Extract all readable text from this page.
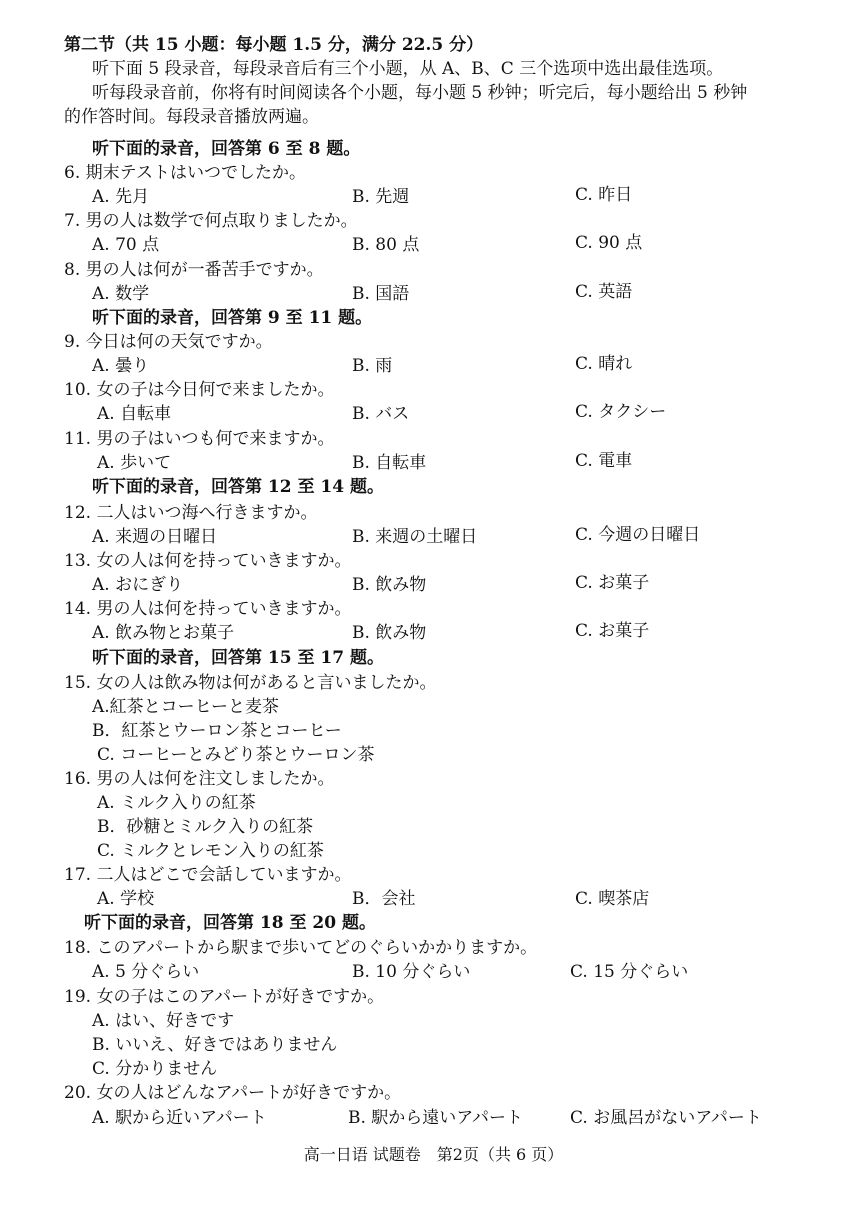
第二节（共 15 小题：每小题 1.5 分，满分 22.5 分）
听下面 5 段录音，每段录音后有三个小题，从 A、B、C 三个选项中选出最佳选项。
听每段录音前，你将有时间阅读各个小题，每小题 5 秒钟；听完后，每小题给出 5 秒钟
的作答时间。每段录音播放两遍。
听下面的录音，回答第 6 至 8 题。
6. 期末テストはいつでしたか。
A. 先月	B. 先週	C. 昨日
7. 男の人は数学で何点取りましたか。
A. 70 点	B. 80 点	C. 90 点
8. 男の人は何が一番苦手ですか。
A. 数学	B. 国語	C. 英語
听下面的录音，回答第 9 至 11 题。
9. 今日は何の天気ですか。
A. 曇り	B. 雨	C. 晴れ
10. 女の子は今日何で来ましたか。
A. 自転車	B. バス	C. タクシー
11. 男の子はいつも何で来ますか。
A. 歩いて	B. 自転車	C. 電車
听下面的录音，回答第 12 至 14 题。
12. 二人はいつ海へ行きますか。
A. 来週の日曜日	B. 来週の土曜日	C. 今週の日曜日
13. 女の人は何を持っていきますか。
A. おにぎり	B. 飲み物	C. お菓子
14. 男の人は何を持っていきますか。
A. 飲み物とお菓子	B. 飲み物	C. お菓子
听下面的录音，回答第 15 至 17 题。
15. 女の人は飲み物は何があると言いましたか。
A.紅茶とコーヒーと麦茶
B．紅茶とウーロン茶とコーヒー
C. コーヒーとみどり茶とウーロン茶
16. 男の人は何を注文しましたか。
A. ミルク入りの紅茶
B．砂糖とミルク入りの紅茶
C. ミルクとレモン入りの紅茶
17. 二人はどこで会話していますか。
A. 学校	B．会社	C. 喫茶店
听下面的录音，回答第 18 至 20 题。
18. このアパートから駅まで歩いてどのぐらいかかりますか。
A. 5 分ぐらい	B. 10 分ぐらい	C. 15 分ぐらい
19. 女の子はこのアパートが好きですか。
A. はい、好きです
B. いいえ、好きではありません
C. 分かりません
20. 女の人はどんなアパートが好きですか。
A. 駅から近いアパート	B. 駅から遠いアパート	C. お風呂がないアパート
高一日语 试题卷　第2页（共 6 页）
